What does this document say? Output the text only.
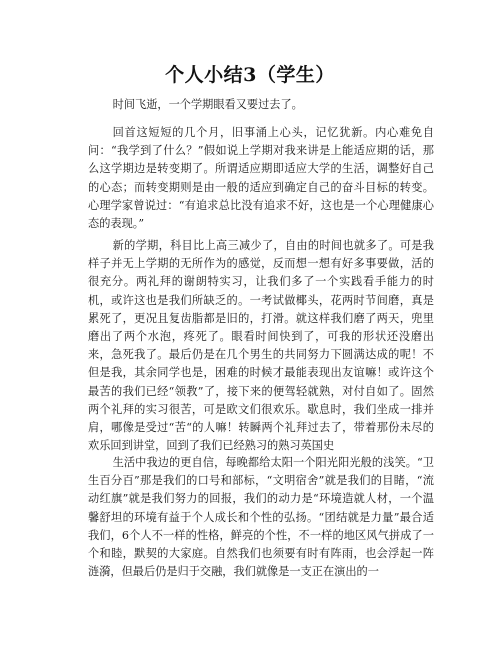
个人小结3（学生）

时间飞逝，一个学期眼看又要过去了。

回首这短短的几个月，旧事涌上心头，记忆犹新。内心难免自问：“我学到了什么？”假如说上学期对我来讲是上能适应期的话，那么这学期边是转变期了。所谓适应期即适应大学的生活，调整好自己的心态；而转变期则是由一般的适应到确定自己的奋斗目标的转变。心理学家曾说过：“有追求总比没有追求不好，这也是一个心理健康心态的表现。”

新的学期，科目比上高三减少了，自由的时间也就多了。可是我样子并无上学期的无所作为的感觉，反而想一想有好多事要做，活的很充分。两礼拜的谢朗特实习，让我们多了一个实践看手能力的时机，或许这也是我们所缺乏的。一考试做椰头，花两时节间磨，真是累死了，更况且复齿脂都是旧的，打滑。就这样我们磨了两天，兜里磨出了两个水泡，疼死了。眼看时间快到了，可我的形状还没磨出来，急死我了。最后仍是在几个男生的共同努力下圆满达成的呢！不但是我，其余同学也是，困难的时候才最能表现出友谊嘛！或许这个最苦的我们已经“领教”了，接下来的便驾轻就熟，对付自如了。固然两个礼拜的实习很苦，可是欧文们很欢乐。歇息时，我们坐成一排并肩，哪像是受过“苦“的人嘛！转瞬两个礼拜过去了，带着那份未尽的欢乐回到讲堂，回到了我们已经熟习的熟习英国史

生活中我边的更自信，每晚都给太阳一个阳光阳光般的浅笑。“卫生百分百”那是我们的口号和部标，“文明宿舍”就是我们的目睹，“流动红旗”就是我们努力的回报，我们的动力是“环境造就人材，一个温馨舒坦的环境有益于个人成长和个性的弘扬。“团结就是力量”最合适我们，6个人不一样的性格，鲜亮的个性，不一样的地区风气拼成了一个和睦，默契的大家庭。自然我们也须要有时有阵雨，也会浮起一阵涟漪，但最后仍是归于交融，我们就像是一支正在演出的一
